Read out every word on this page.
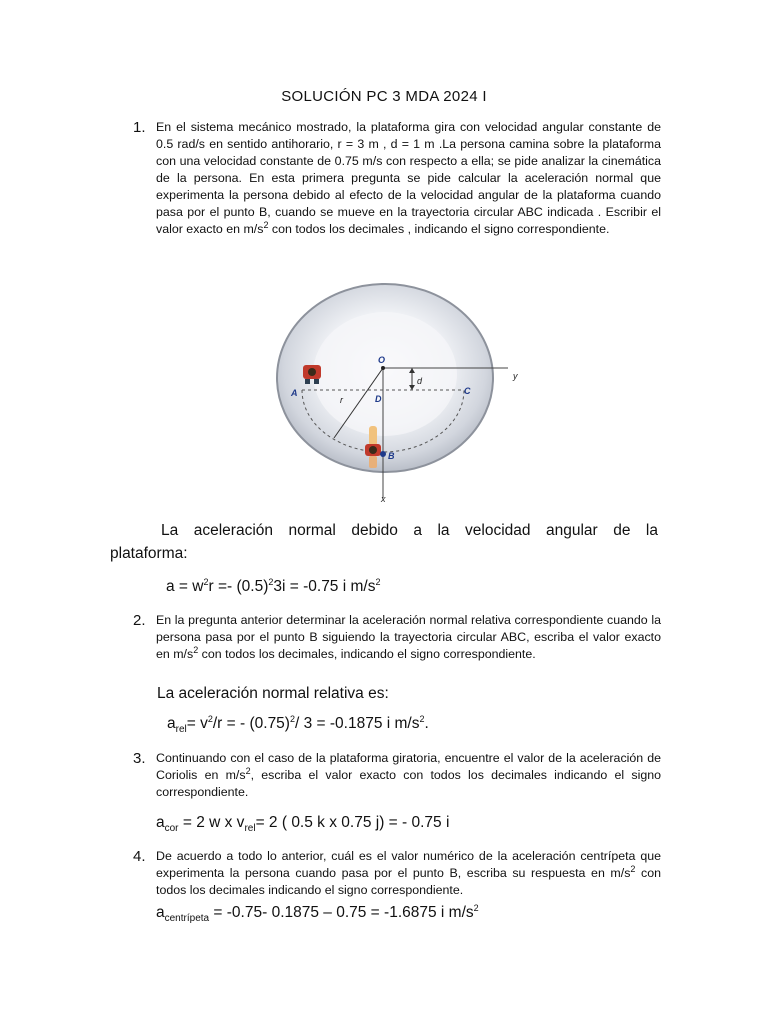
SOLUCIÓN PC 3 MDA 2024 I
1. En el sistema mecánico mostrado, la plataforma gira con velocidad angular constante de 0.5 rad/s en sentido antihorario, r = 3 m , d = 1 m .La persona camina sobre la plataforma con una velocidad constante de 0.75 m/s con respecto a ella; se pide analizar la cinemática de la persona. En esta primera pregunta se pide calcular la aceleración normal que experimenta la persona debido al efecto de la velocidad angular de la plataforma cuando pasa por el punto B, cuando se mueve en la trayectoria circular ABC indicada . Escribir el valor exacto en $m/s^2$ con todos los decimales , indicando el signo correspondiente.
O
y
x
d
r
A
B
C
D
La aceleración normal debido a la velocidad angular de la
plataforma:
$a = w^2r =- (0.5)^23i = -0.75$ i $m/s^2$
2. En la pregunta anterior determinar la aceleración normal relativa correspondiente cuando la persona pasa por el punto B siguiendo la trayectoria circular ABC, escriba el valor exacto en $m/s^2$ con todos los decimales, indicando el signo correspondiente.
La aceleración normal relativa es:
$a_{rel}= v^2/r$ = - $(0.75)^2/$ 3 = -0.1875 i $m/s^2$.
3. Continuando con el caso de la plataforma giratoria, encuentre el valor de la aceleración de Coriolis en $m/s^2$, escriba el valor exacto con todos los decimales indicando el signo correspondiente.
$a_{cor} = 2$ w x $v_{rel}= 2$ ( 0.5 k x 0.75 j) = - 0.75 i
4. De acuerdo a todo lo anterior, cuál es el valor numérico de la aceleración centrípeta que experimenta la persona cuando pasa por el punto B, escriba su respuesta en $m/s^2$ con todos los decimales indicando el signo correspondiente.
$a_{centrípeta} = -0.75-$ 0.1875 – 0.75 = -1.6875 i $m/s^2$
